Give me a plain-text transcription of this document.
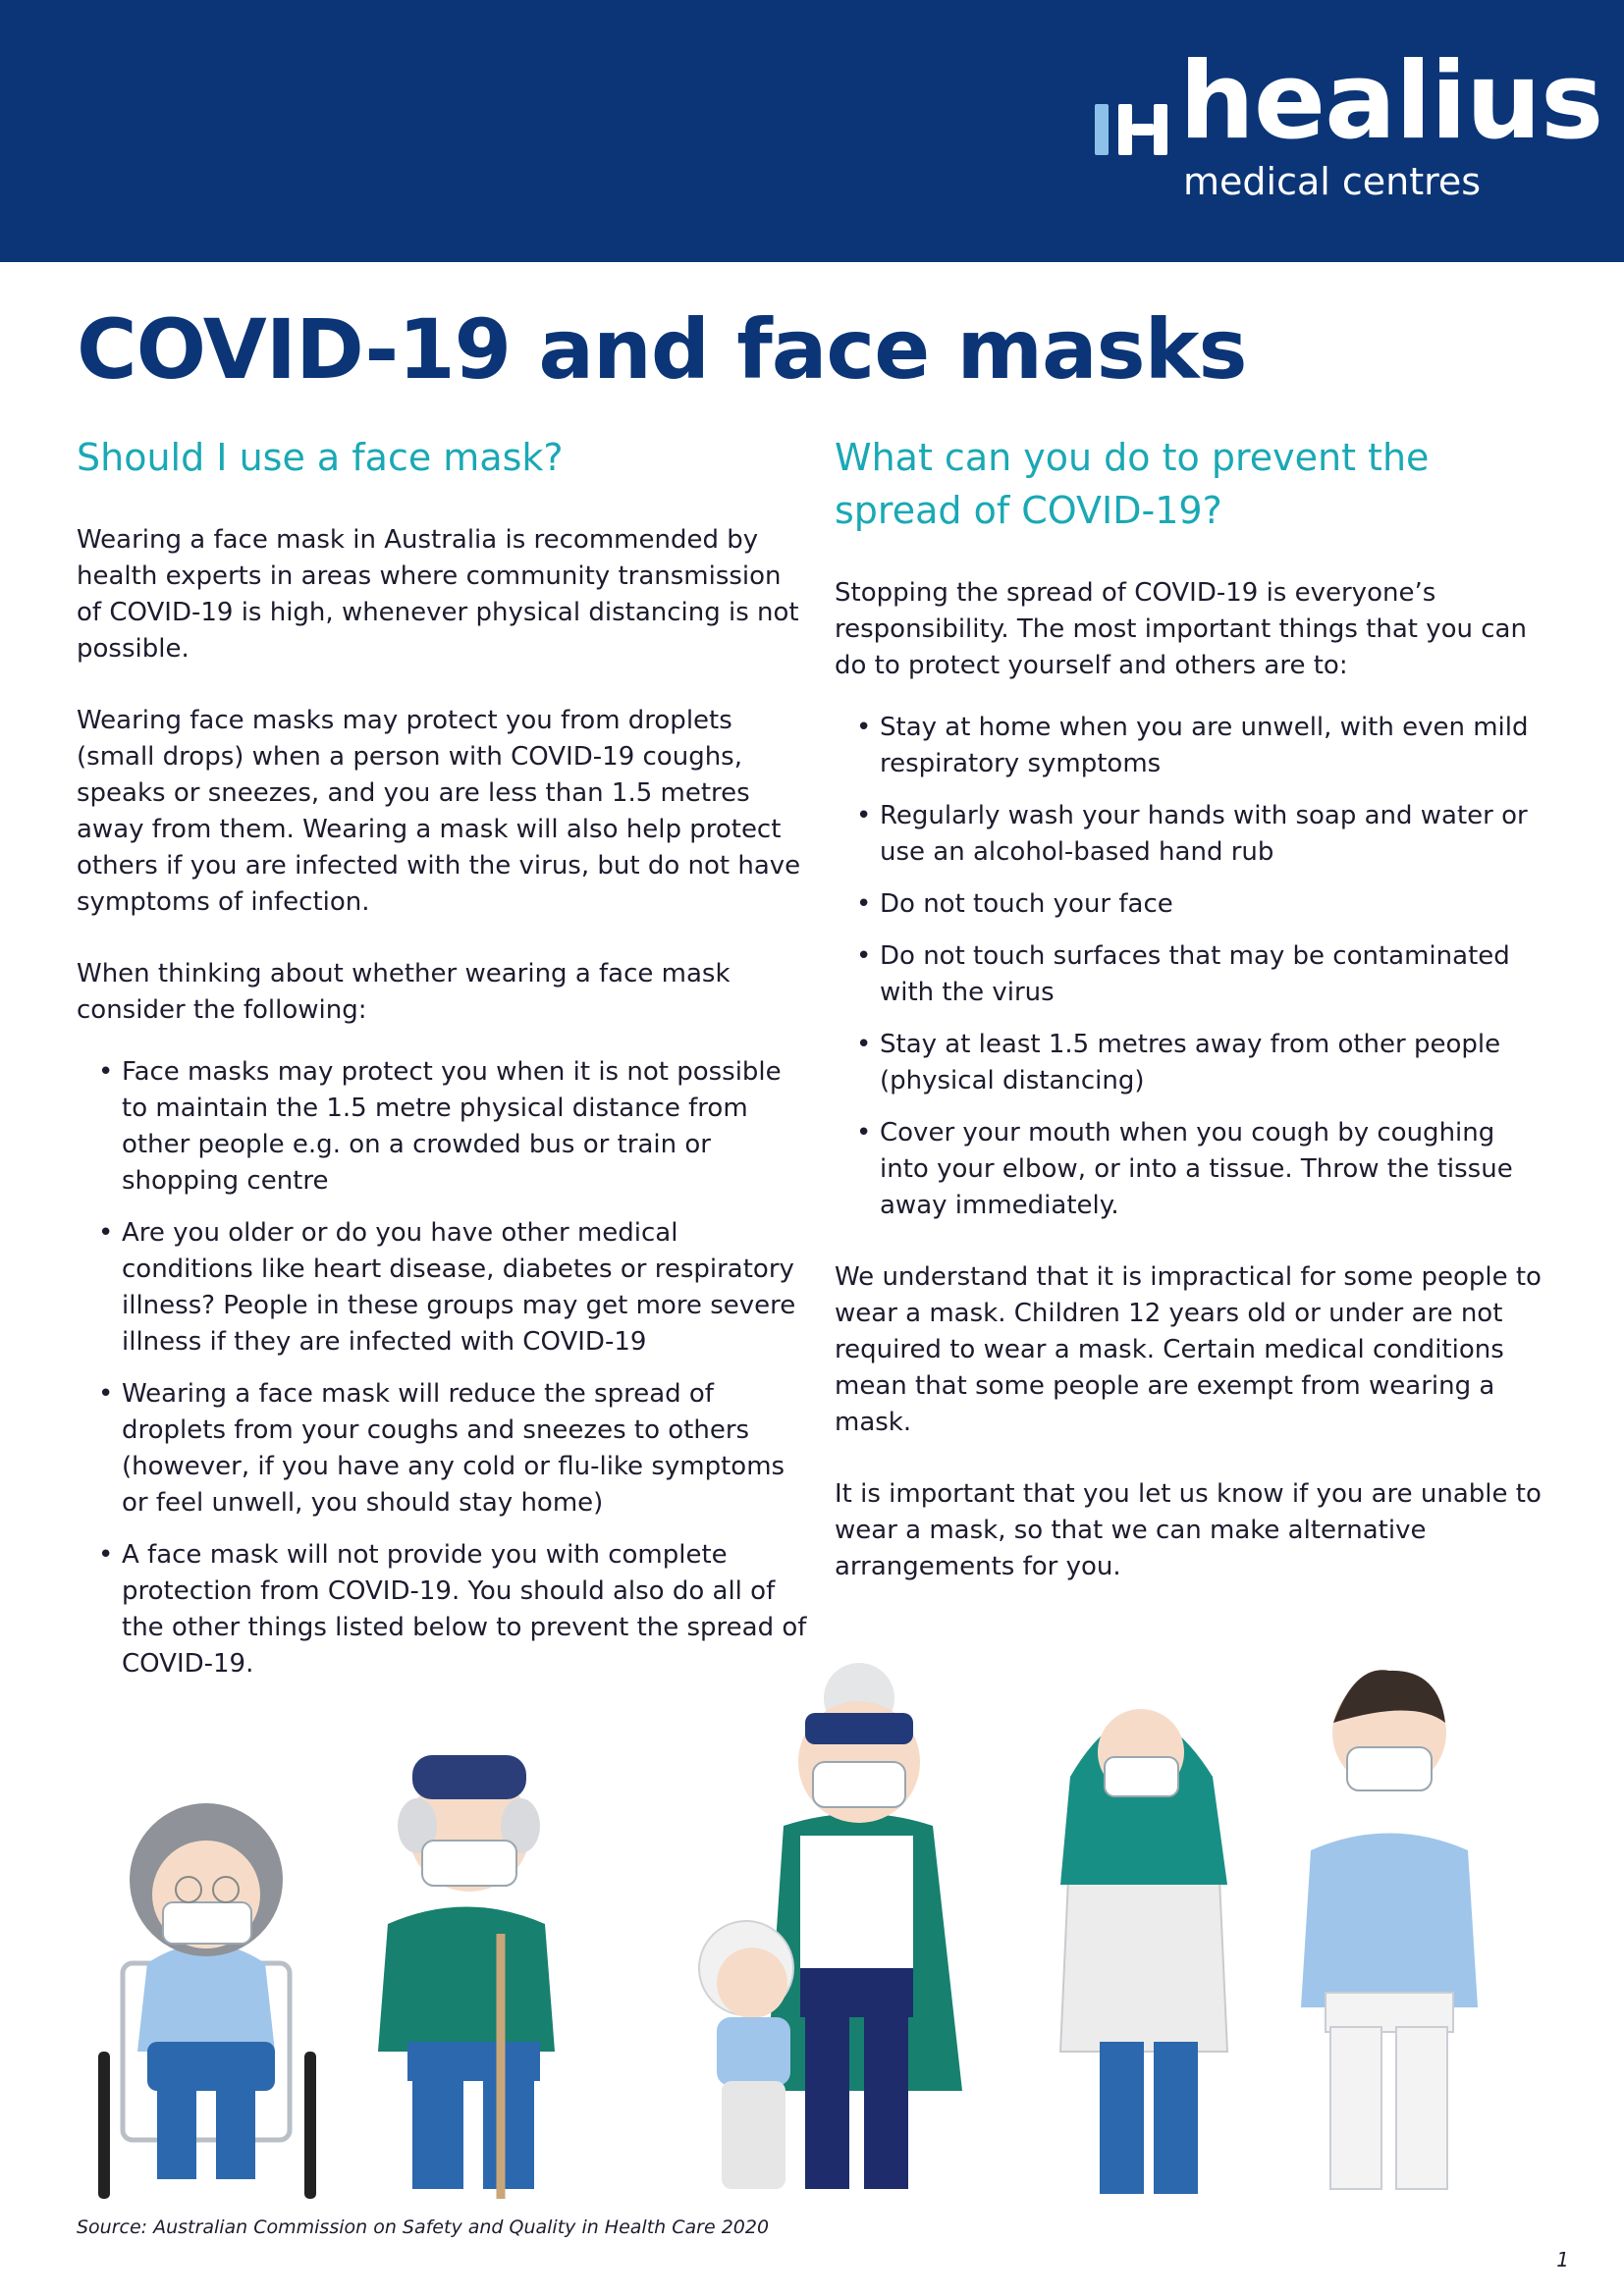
healius
medical centres
COVID-19 and face masks
Should I use a face mask?

Wearing a face mask in Australia is recommended by health experts in areas where community transmission of COVID-19 is high, whenever physical distancing is not possible.

Wearing face masks may protect you from droplets (small drops) when a person with COVID-19 coughs, speaks or sneezes, and you are less than 1.5 metres away from them. Wearing a mask will also help protect others if you are infected with the virus, but do not have symptoms of infection.

When thinking about whether wearing a face mask consider the following:

• Face masks may protect you when it is not possible to maintain the 1.5 metre physical distance from other people e.g. on a crowded bus or train or shopping centre
• Are you older or do you have other medical conditions like heart disease, diabetes or respiratory illness? People in these groups may get more severe illness if they are infected with COVID-19
• Wearing a face mask will reduce the spread of droplets from your coughs and sneezes to others (however, if you have any cold or flu-like symptoms or feel unwell, you should stay home)
• A face mask will not provide you with complete protection from COVID-19. You should also do all of the other things listed below to prevent the spread of COVID-19.
What can you do to prevent the spread of COVID-19?

Stopping the spread of COVID-19 is everyone’s responsibility. The most important things that you can do to protect yourself and others are to:

• Stay at home when you are unwell, with even mild respiratory symptoms
• Regularly wash your hands with soap and water or use an alcohol-based hand rub
• Do not touch your face
• Do not touch surfaces that may be contaminated with the virus
• Stay at least 1.5 metres away from other people (physical distancing)
• Cover your mouth when you cough by coughing into your elbow, or into a tissue. Throw the tissue away immediately.

We understand that it is impractical for some people to wear a mask. Children 12 years old or under are not required to wear a mask. Certain medical conditions mean that some people are exempt from wearing a mask.

It is important that you let us know if you are unable to wear a mask, so that we can make alternative arrangements for you.

Source: Australian Commission on Safety and Quality in Health Care 2020
1
